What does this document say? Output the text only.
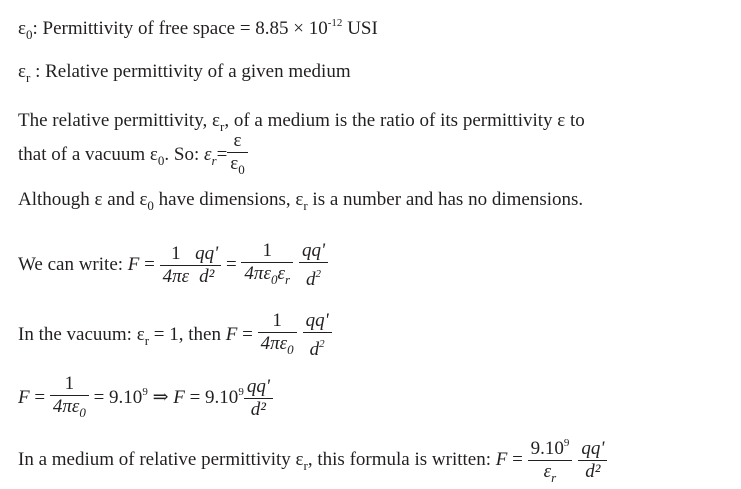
$\varepsilon_0$: Permittivity of free space = $8.85 \times 10^{-12}$ USI
$\varepsilon_r$ : Relative permittivity of a given medium
The relative permittivity, $\varepsilon_r$, of a medium is the ratio of its permittivity ε to
that of a vacuum $\varepsilon_0$. So: $\varepsilon_r= \frac{\varepsilon}{\varepsilon_0}$
Although ε and $\varepsilon_0$ have dimensions, $\varepsilon_r$ is a number and has no dimensions.
We can write: $F = \frac{1}{4\pi\varepsilon} \frac{qq'}{\text{d²}} = \frac{1}{4\pi\varepsilon_0\varepsilon_r} \frac{qq'}{d^2}$
In the vacuum: $\varepsilon_r = 1$, then $F = \frac{1}{4\pi\varepsilon_0} \frac{qq'}{d^2}$
$F = \frac{1}{4\pi\varepsilon_0} = 9.10^9$ ⇒ $F = 9.10^9 \frac{qq'}{\text{d²}}$
In a medium of relative permittivity $\varepsilon_r$, this formula is written: $F = \frac{9.10^9}{\varepsilon_r} \frac{qq'}{\text{d²}}$
